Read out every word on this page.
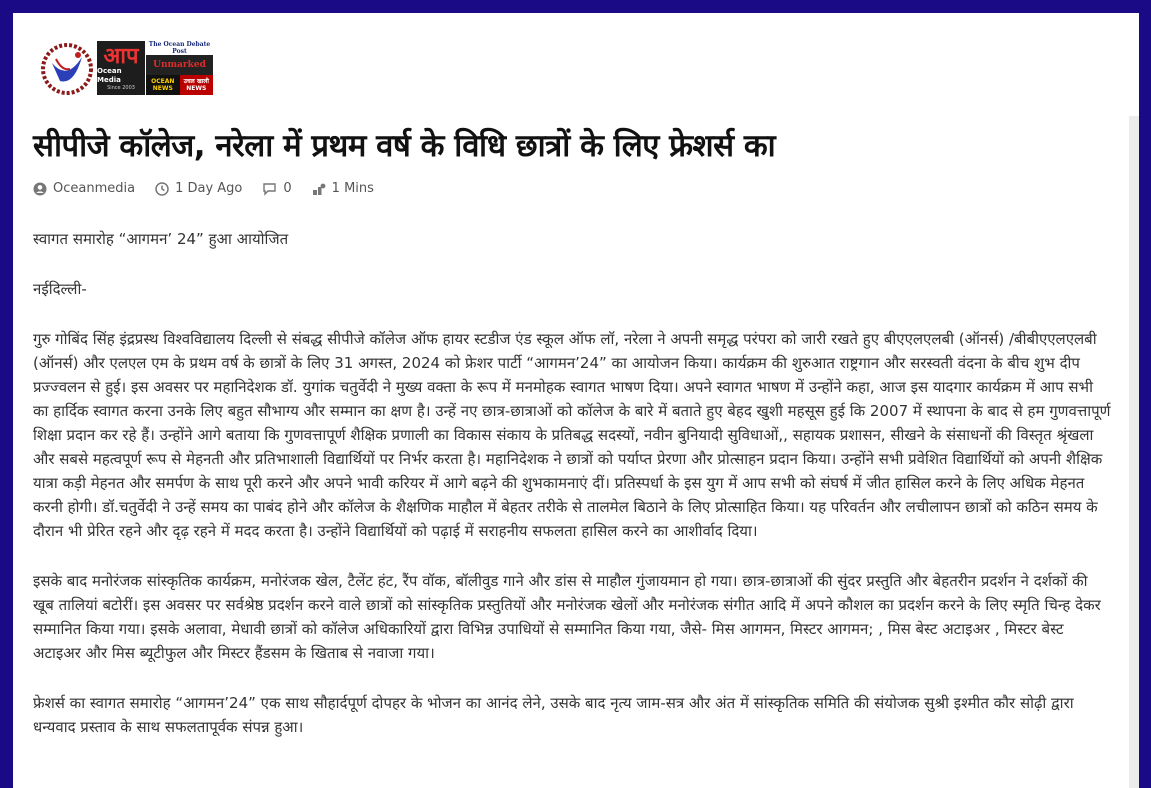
आप
Ocean Media
Since 2003
The Ocean Debate Post
Unmarked
OCEAN NEWS
उचल खाली NEWS
सीपीजे कॉलेज, नरेला में प्रथम वर्ष के विधि छात्रों के लिए फ्रेशर्स का
Oceanmedia	1 Day Ago	0	1 Mins

स्वागत समारोह “आगमन’ 24” हुआ आयोजित

नईदिल्ली-

गुरु गोबिंद सिंह इंद्रप्रस्थ विश्वविद्यालय दिल्ली से संबद्ध सीपीजे कॉलेज ऑफ हायर स्टडीज एंड स्कूल ऑफ लॉ, नरेला ने अपनी समृद्ध परंपरा को जारी रखते हुए बीएएलएलबी (ऑनर्स) /बीबीएएलएलबी (ऑनर्स) और एलएल एम के प्रथम वर्ष के छात्रों के लिए 31 अगस्त, 2024 को फ्रेशर पार्टी “आगमन’24” का आयोजन किया। कार्यक्रम की शुरुआत राष्ट्रगान और सरस्वती वंदना के बीच शुभ दीप प्रज्ज्वलन से हुई। इस अवसर पर महानिदेशक डॉ. युगांक चतुर्वेदी ने मुख्य वक्ता के रूप में मनमोहक स्वागत भाषण दिया। अपने स्वागत भाषण में उन्होंने कहा, आज इस यादगार कार्यक्रम में आप सभी का हार्दिक स्वागत करना उनके लिए बहुत सौभाग्य और सम्मान का क्षण है। उन्हें नए छात्र-छात्राओं को कॉलेज के बारे में बताते हुए बेहद खुशी महसूस हुई कि 2007 में स्थापना के बाद से हम गुणवत्तापूर्ण शिक्षा प्रदान कर रहे हैं। उन्होंने आगे बताया कि गुणवत्तापूर्ण शैक्षिक प्रणाली का विकास संकाय के प्रतिबद्ध सदस्यों, नवीन बुनियादी सुविधाओं,, सहायक प्रशासन, सीखने के संसाधनों की विस्तृत श्रृंखला और सबसे महत्वपूर्ण रूप से मेहनती और प्रतिभाशाली विद्यार्थियों पर निर्भर करता है। महानिदेशक ने छात्रों को पर्याप्त प्रेरणा और प्रोत्साहन प्रदान किया। उन्होंने सभी प्रवेशित विद्यार्थियों को अपनी शैक्षिक यात्रा कड़ी मेहनत और समर्पण के साथ पूरी करने और अपने भावी करियर में आगे बढ़ने की शुभकामनाएं दीं। प्रतिस्पर्धा के इस युग में आप सभी को संघर्ष में जीत हासिल करने के लिए अधिक मेहनत करनी होगी। डॉ.चतुर्वेदी ने उन्हें समय का पाबंद होने और कॉलेज के शैक्षणिक माहौल में बेहतर तरीके से तालमेल बिठाने के लिए प्रोत्साहित किया। यह परिवर्तन और लचीलापन छात्रों को कठिन समय के दौरान भी प्रेरित रहने और दृढ़ रहने में मदद करता है। उन्होंने विद्यार्थियों को पढ़ाई में सराहनीय सफलता हासिल करने का आशीर्वाद दिया।

इसके बाद मनोरंजक सांस्कृतिक कार्यक्रम, मनोरंजक खेल, टैलेंट हंट, रैंप वॉक, बॉलीवुड गाने और डांस से माहौल गुंजायमान हो गया। छात्र-छात्राओं की सुंदर प्रस्तुति और बेहतरीन प्रदर्शन ने दर्शकों की खूब तालियां बटोरीं। इस अवसर पर सर्वश्रेष्ठ प्रदर्शन करने वाले छात्रों को सांस्कृतिक प्रस्तुतियों और मनोरंजक खेलों और मनोरंजक संगीत आदि में अपने कौशल का प्रदर्शन करने के लिए स्मृति चिन्ह देकर सम्मानित किया गया। इसके अलावा, मेधावी छात्रों को कॉलेज अधिकारियों द्वारा विभिन्न उपाधियों से सम्मानित किया गया, जैसे- मिस आगमन, मिस्टर आगमन; , मिस बेस्ट अटाइअर , मिस्टर बेस्ट अटाइअर और मिस ब्यूटीफुल और मिस्टर हैंडसम के खिताब से नवाजा गया।

फ्रेशर्स का स्वागत समारोह “आगमन’24” एक साथ सौहार्दपूर्ण दोपहर के भोजन का आनंद लेने, उसके बाद नृत्य जाम-सत्र और अंत में सांस्कृतिक समिति की संयोजक सुश्री इश्मीत कौर सोढ़ी द्वारा धन्यवाद प्रस्ताव के साथ सफलतापूर्वक संपन्न हुआ।
